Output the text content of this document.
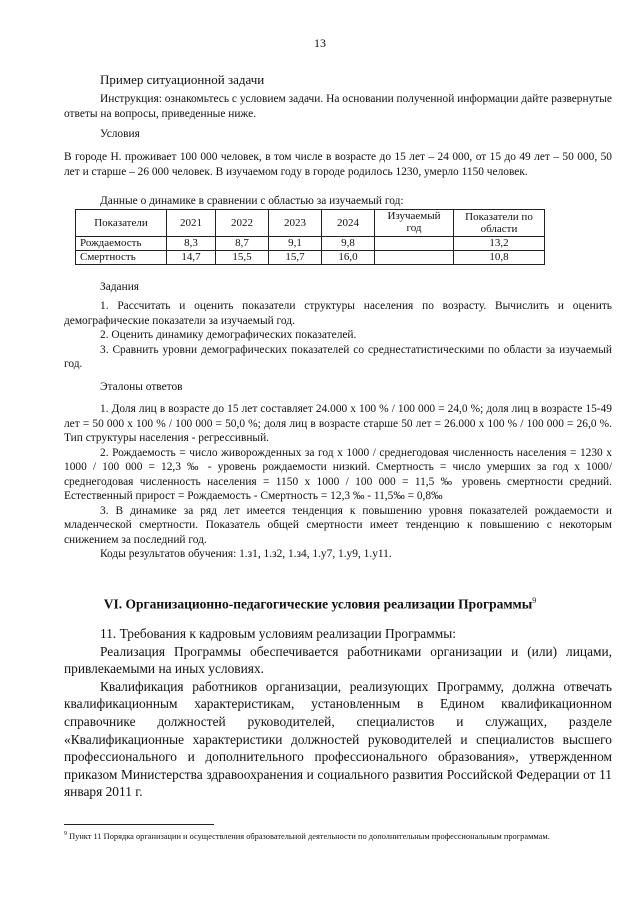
13
Пример ситуационной задачи

Инструкция: ознакомьтесь с условием задачи. На основании полученной информации дайте развернутые ответы на вопросы, приведенные ниже.

Условия

В городе Н. проживает 100 000 человек, в том числе в возрасте до 15 лет – 24 000, от 15 до 49 лет – 50 000, 50 лет и старше – 26 000 человек. В изучаемом году в городе родилось 1230, умерло 1150 человек.

Данные о динамике в сравнении с областью за изучаемый год:
Показатели	2021	2022	2023	2024	Изучаемый год	Показатели по области
Рождаемость	8,3	8,7	9,1	9,8		13,2
Смертность	14,7	15,5	15,7	16,0		10,8
Задания

1. Рассчитать и оценить показатели структуры населения по возрасту. Вычислить и оценить демографические показатели за изучаемый год.

2. Оценить динамику демографических показателей.

3. Сравнить уровни демографических показателей со среднестатистическими по области за изучаемый год.

Эталоны ответов

1. Доля лиц в возрасте до 15 лет составляет 24.000 х 100 % / 100 000 = 24,0 %; доля лиц в возрасте 15-49 лет = 50 000 х 100 % / 100 000 = 50,0 %; доля лиц в возрасте старше 50 лет = 26.000 х 100 % / 100 000 = 26,0 %. Тип структуры населения - регрессивный.

2. Рождаемость = число живорожденных за год х 1000 / среднегодовая численность населения = 1230 х 1000 / 100 000 = 12,3 ‰ - уровень рождаемости низкий. Смертность = число умерших за год х 1000/ среднегодовая численность населения = 1150 х 1000 / 100 000 = 11,5 ‰ уровень смертности средний. Естественный прирост = Рождаемость - Смертность = 12,3 ‰ - 11,5‰ = 0,8‰

3. В динамике за ряд лет имеется тенденция к повышению уровня показателей рождаемости и младенческой смертности. Показатель общей смертности имеет тенденцию к повышению с некоторым снижением за последний год.

Коды результатов обучения: 1.з1, 1.з2, 1.з4, 1.у7, 1.у9, 1.у11.

VI. Организационно-педагогические условия реализации Программы$^9$

11. Требования к кадровым условиям реализации Программы:

Реализация Программы обеспечивается работниками организации и (или) лицами, привлекаемыми на иных условиях.

Квалификация работников организации, реализующих Программу, должна отвечать квалификационным характеристикам, установленным в Едином квалификационном справочнике должностей руководителей, специалистов и служащих, разделе «Квалификационные характеристики должностей руководителей и специалистов высшего профессионального и дополнительного профессионального образования», утвержденном приказом Министерства здравоохранения и социального развития Российской Федерации от 11 января 2011 г.

$^9$ Пункт 11 Порядка организации и осуществления образовательной деятельности по дополнительным профессиональным программам.
